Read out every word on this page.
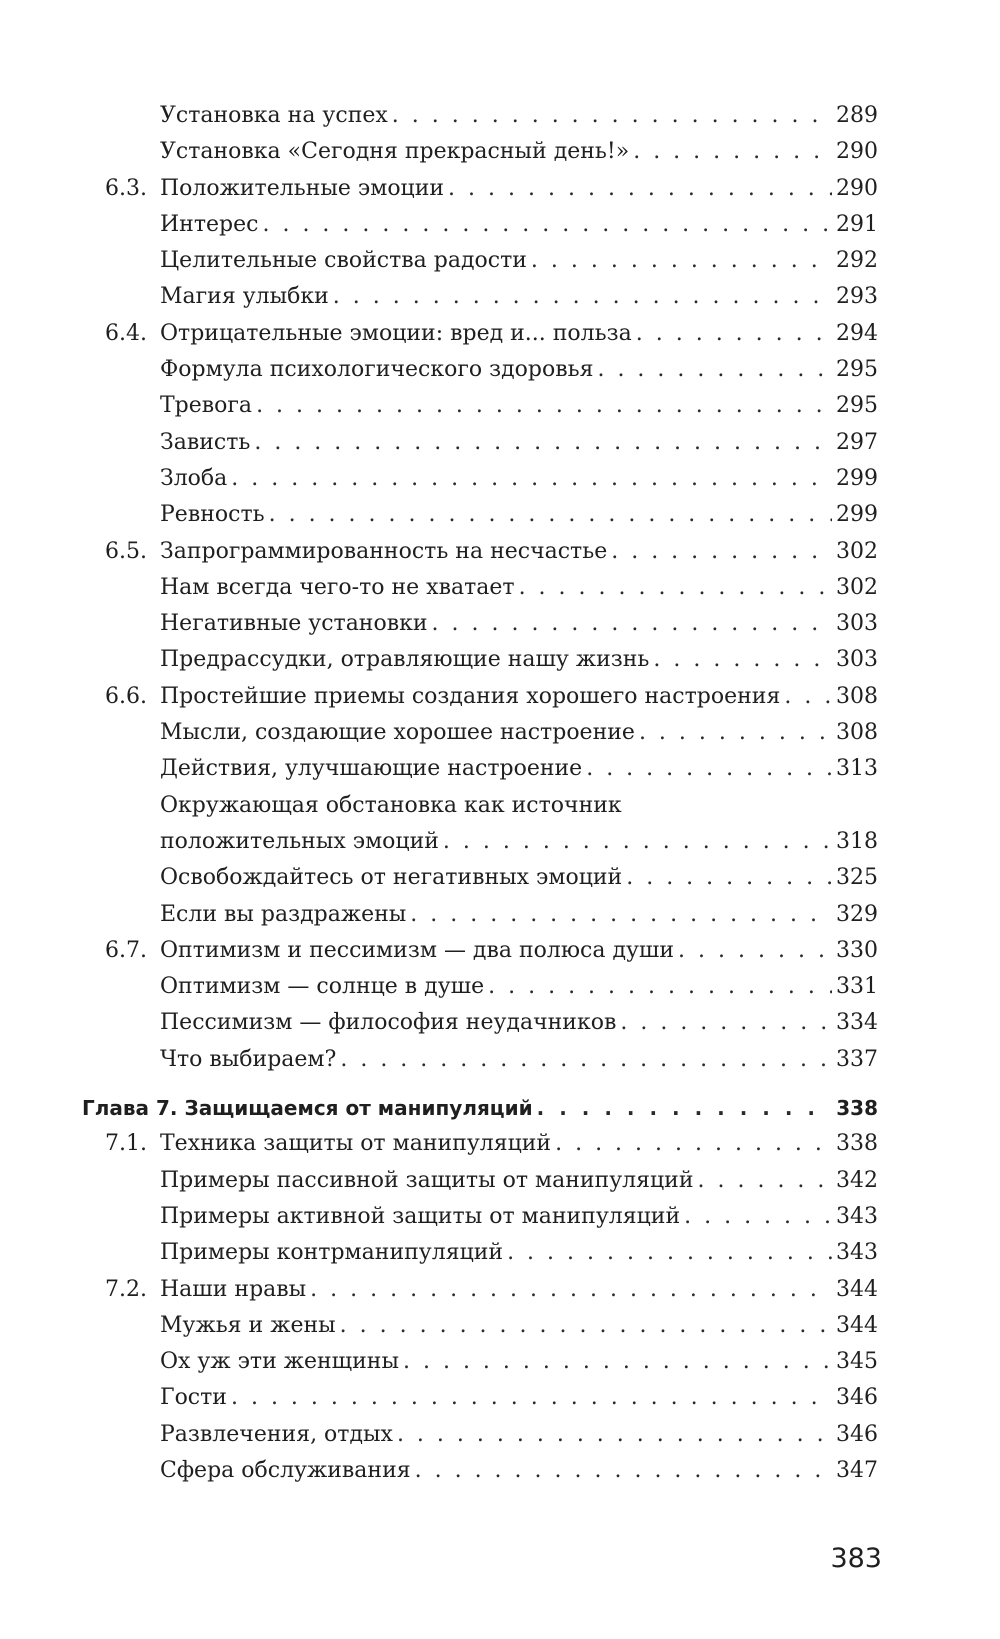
Установка на успех . . .	289
Установка «Сегодня прекрасный день!» . . .	290
6.3. Положительные эмоции . . .	290
Интерес . . .	291
Целительные свойства радости . . .	292
Магия улыбки . . .	293
6.4. Отрицательные эмоции: вред и... польза . . .	294
Формула психологического здоровья . . .	295
Тревога . . .	295
Зависть . . .	297
Злоба . . .	299
Ревность . . .	299
6.5. Запрограммированность на несчастье . . .	302
Нам всегда чего-то не хватает . . .	302
Негативные установки . . .	303
Предрассудки, отравляющие нашу жизнь . . .	303
6.6. Простейшие приемы создания хорошего настроения . . .	308
Мысли, создающие хорошее настроение . . .	308
Действия, улучшающие настроение . . .	313
Окружающая обстановка как источник
положительных эмоций . . .	318
Освобождайтесь от негативных эмоций . . .	325
Если вы раздражены . . .	329
6.7. Оптимизм и пессимизм — два полюса души . . .	330
Оптимизм — солнце в душе . . .	331
Пессимизм — философия неудачников . . .	334
Что выбираем? . . .	337
Глава 7. Защищаемся от манипуляций . . .	338
7.1. Техника защиты от манипуляций . . .	338
Примеры пассивной защиты от манипуляций . . .	342
Примеры активной защиты от манипуляций . . .	343
Примеры контрманипуляций . . .	343
7.2. Наши нравы . . .	344
Мужья и жены . . .	344
Ох уж эти женщины . . .	345
Гости . . .	346
Развлечения, отдых . . .	346
Сфера обслуживания . . .	347
383
